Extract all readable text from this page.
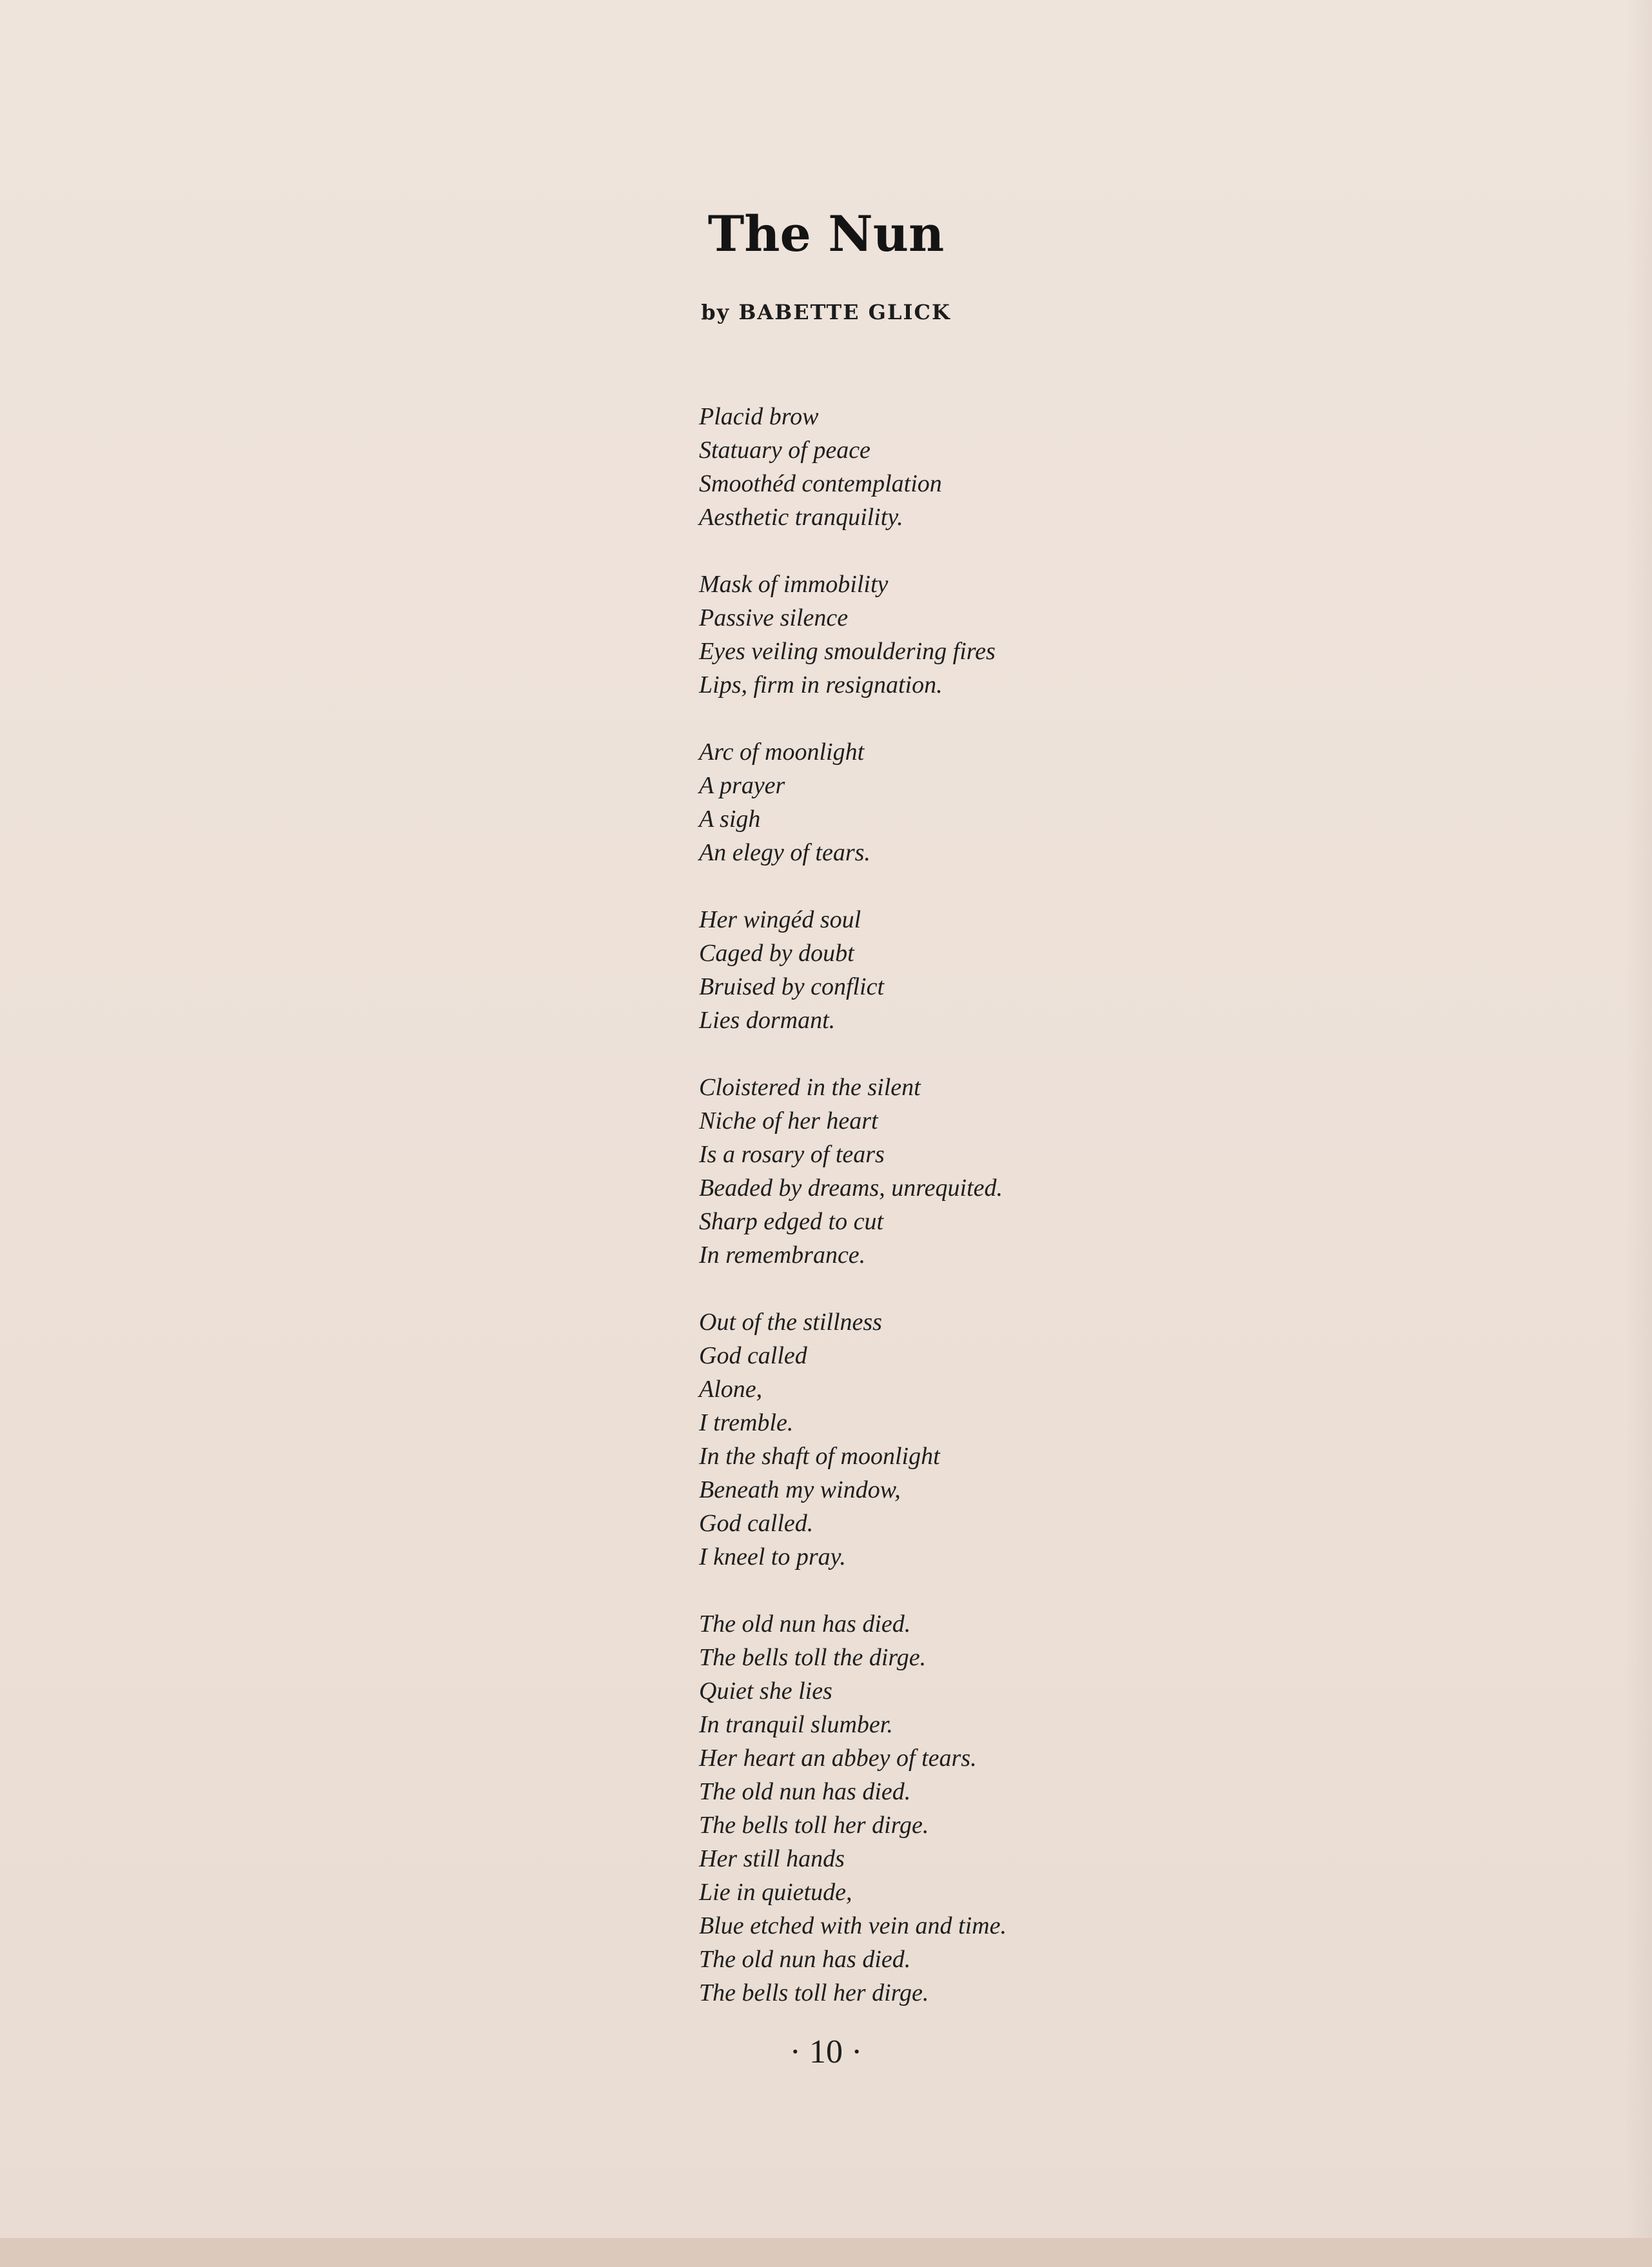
The Nun
by BABETTE GLICK
Placid brow
Statuary of peace
Smoothéd contemplation
Aesthetic tranquility.
Mask of immobility
Passive silence
Eyes veiling smouldering fires
Lips, firm in resignation.
Arc of moonlight
A prayer
A sigh
An elegy of tears.
Her wingéd soul
Caged by doubt
Bruised by conflict
Lies dormant.
Cloistered in the silent
Niche of her heart
Is a rosary of tears
Beaded by dreams, unrequited.
Sharp edged to cut
In remembrance.
Out of the stillness
God called
Alone,
I tremble.
In the shaft of moonlight
Beneath my window,
God called.
I kneel to pray.
The old nun has died.
The bells toll the dirge.
Quiet she lies
In tranquil slumber.
Her heart an abbey of tears.
The old nun has died.
The bells toll her dirge.
Her still hands
Lie in quietude,
Blue etched with vein and time.
The old nun has died.
The bells toll her dirge.
· 10 ·
